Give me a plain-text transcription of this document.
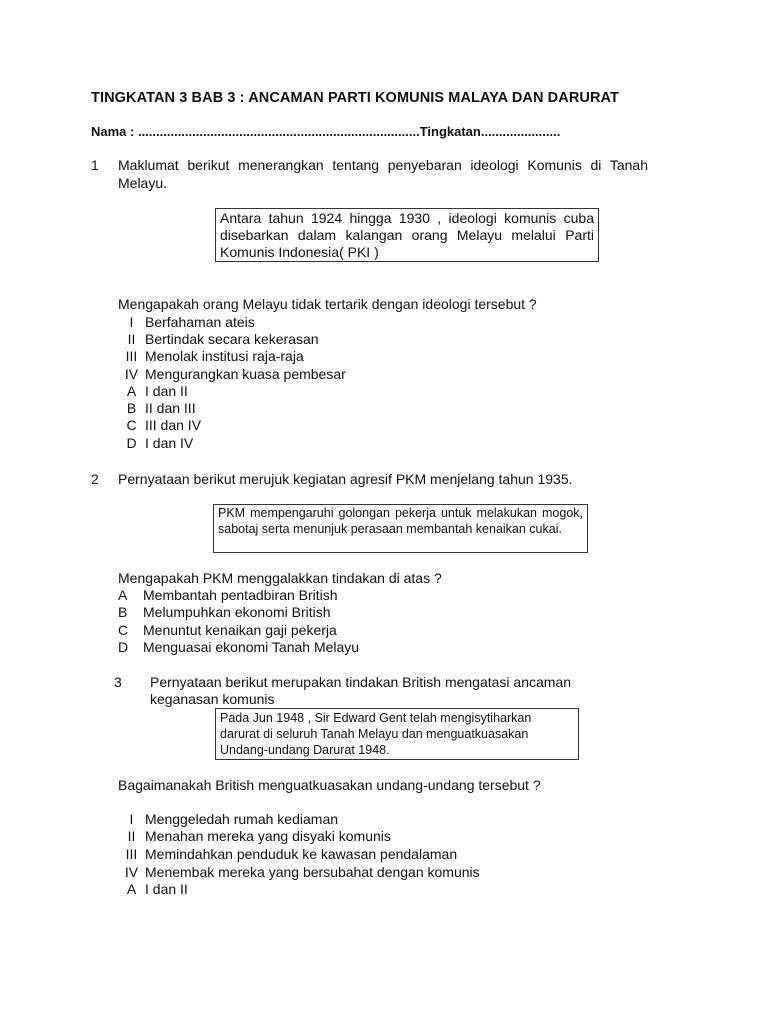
TINGKATAN 3 BAB 3 : ANCAMAN PARTI KOMUNIS MALAYA DAN DARURAT
Nama : ..............................................................................Tingkatan......................
1 Maklumat berikut menerangkan tentang penyebaran ideologi Komunis di Tanah Melayu.
Antara tahun 1924 hingga 1930 , ideologi komunis cuba disebarkan dalam kalangan orang Melayu melalui Parti Komunis Indonesia( PKI )
Mengapakah orang Melayu tidak tertarik dengan ideologi tersebut ?
I Berfahaman ateis
II Bertindak secara kekerasan
III Menolak institusi raja-raja
IV Mengurangkan kuasa pembesar
A I dan II
B II dan III
C III dan IV
D I dan IV
2 Pernyataan berikut merujuk kegiatan agresif PKM menjelang tahun 1935.
PKM mempengaruhi golongan pekerja untuk melakukan mogok, sabotaj serta menunjuk perasaan membantah kenaikan cukai.
Mengapakah PKM menggalakkan tindakan di atas ?
A Membantah pentadbiran British
B Melumpuhkan ekonomi British
C Menuntut kenaikan gaji pekerja
D Menguasai ekonomi Tanah Melayu
3 Pernyataan berikut merupakan tindakan British mengatasi ancaman
keganasan komunis
Pada Jun 1948 , Sir Edward Gent telah mengisytiharkan darurat di seluruh Tanah Melayu dan menguatkuasakan Undang-undang Darurat 1948.
Bagaimanakah British menguatkuasakan undang-undang tersebut ?
I Menggeledah rumah kediaman
II Menahan mereka yang disyaki komunis
III Memindahkan penduduk ke kawasan pendalaman
IV Menembak mereka yang bersubahat dengan komunis
A I dan II
